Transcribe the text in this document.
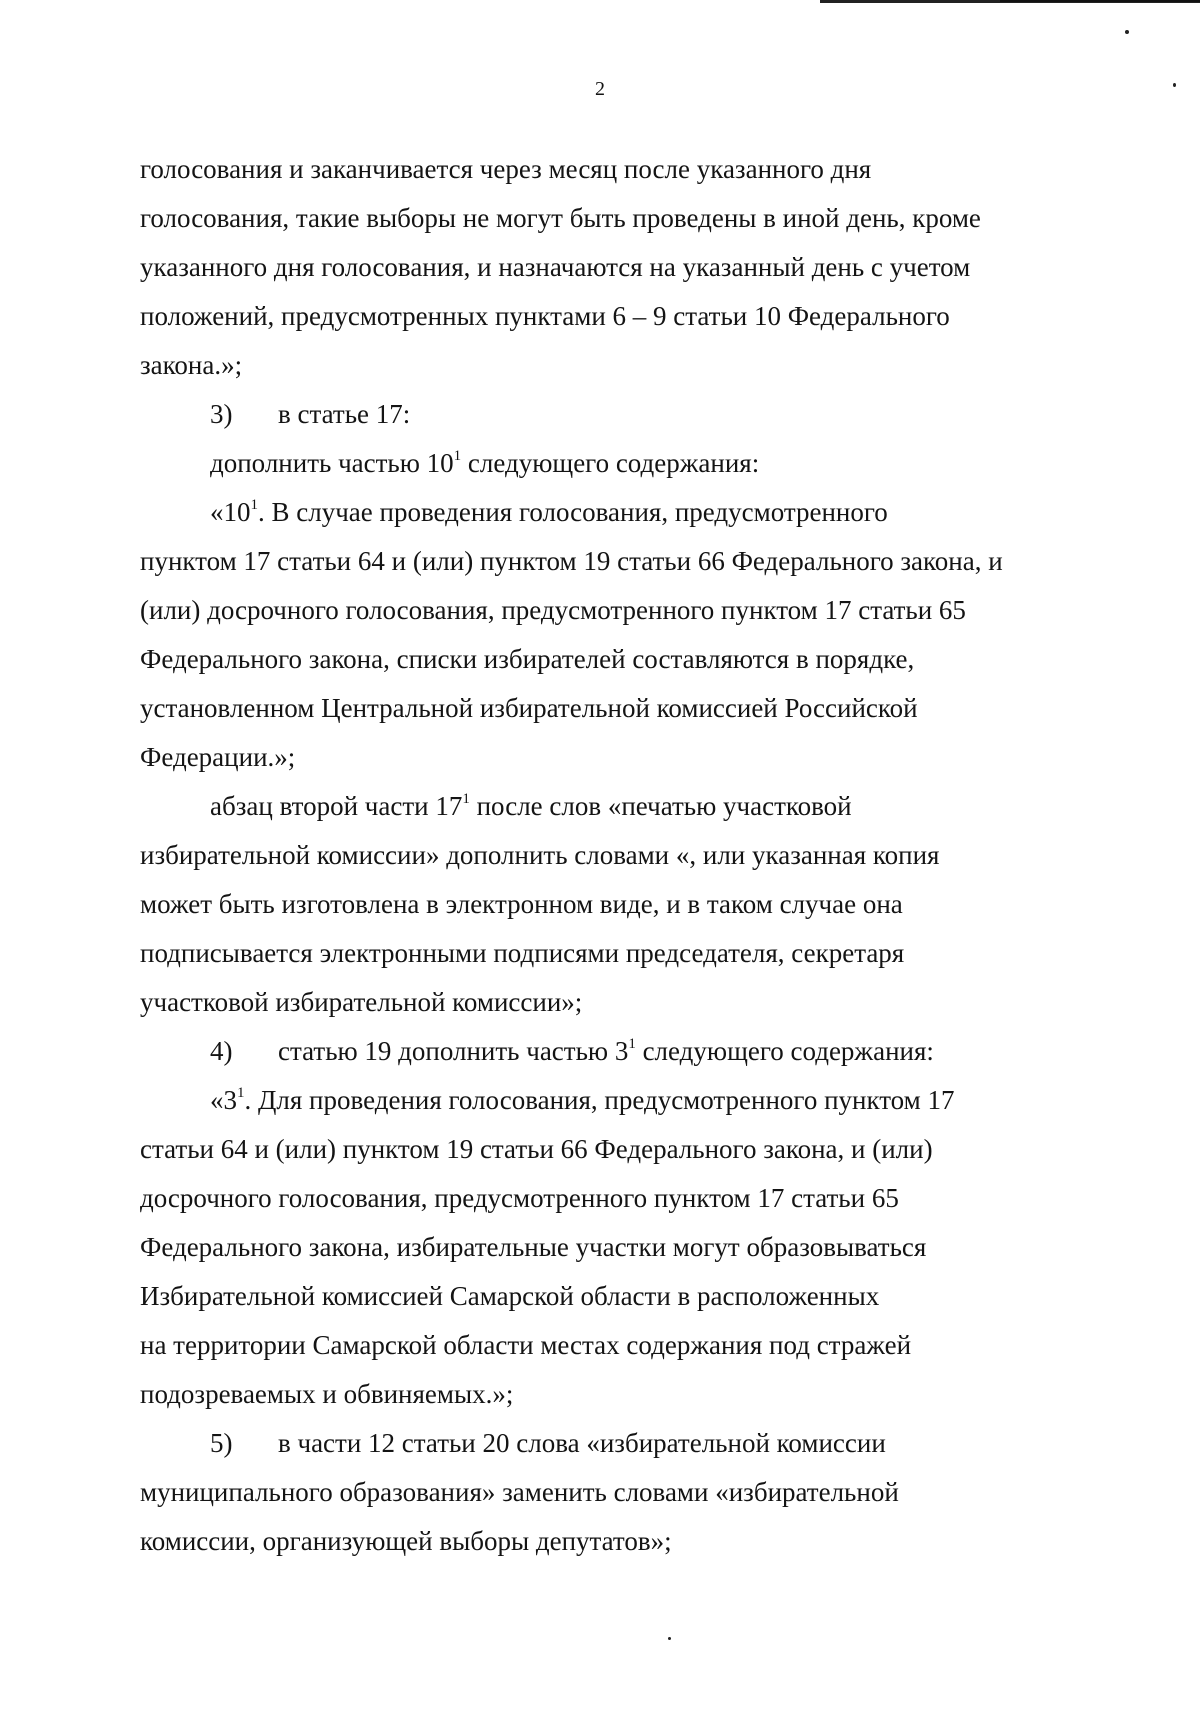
2
голосования и заканчивается через месяц после указанного дня
голосования, такие выборы не могут быть проведены в иной день, кроме
указанного дня голосования, и назначаются на указанный день с учетом
положений, предусмотренных пунктами 6 – 9 статьи 10 Федерального
закона.»;
3) в статье 17:
дополнить частью $10^1$ следующего содержания:
«$10^1$. В случае проведения голосования, предусмотренного
пунктом 17 статьи 64 и (или) пунктом 19 статьи 66 Федерального закона, и
(или) досрочного голосования, предусмотренного пунктом 17 статьи 65
Федерального закона, списки избирателей составляются в порядке,
установленном Центральной избирательной комиссией Российской
Федерации.»;
абзац второй части $17^1$ после слов «печатью участковой
избирательной комиссии» дополнить словами «, или указанная копия
может быть изготовлена в электронном виде, и в таком случае она
подписывается электронными подписями председателя, секретаря
участковой избирательной комиссии»;
4) статью 19 дополнить частью $3^1$ следующего содержания:
«$3^1$. Для проведения голосования, предусмотренного пунктом 17
статьи 64 и (или) пунктом 19 статьи 66 Федерального закона, и (или)
досрочного голосования, предусмотренного пунктом 17 статьи 65
Федерального закона, избирательные участки могут образовываться
Избирательной комиссией Самарской области в расположенных
на территории Самарской области местах содержания под стражей
подозреваемых и обвиняемых.»;
5) в части 12 статьи 20 слова «избирательной комиссии
муниципального образования» заменить словами «избирательной
комиссии, организующей выборы депутатов»;
